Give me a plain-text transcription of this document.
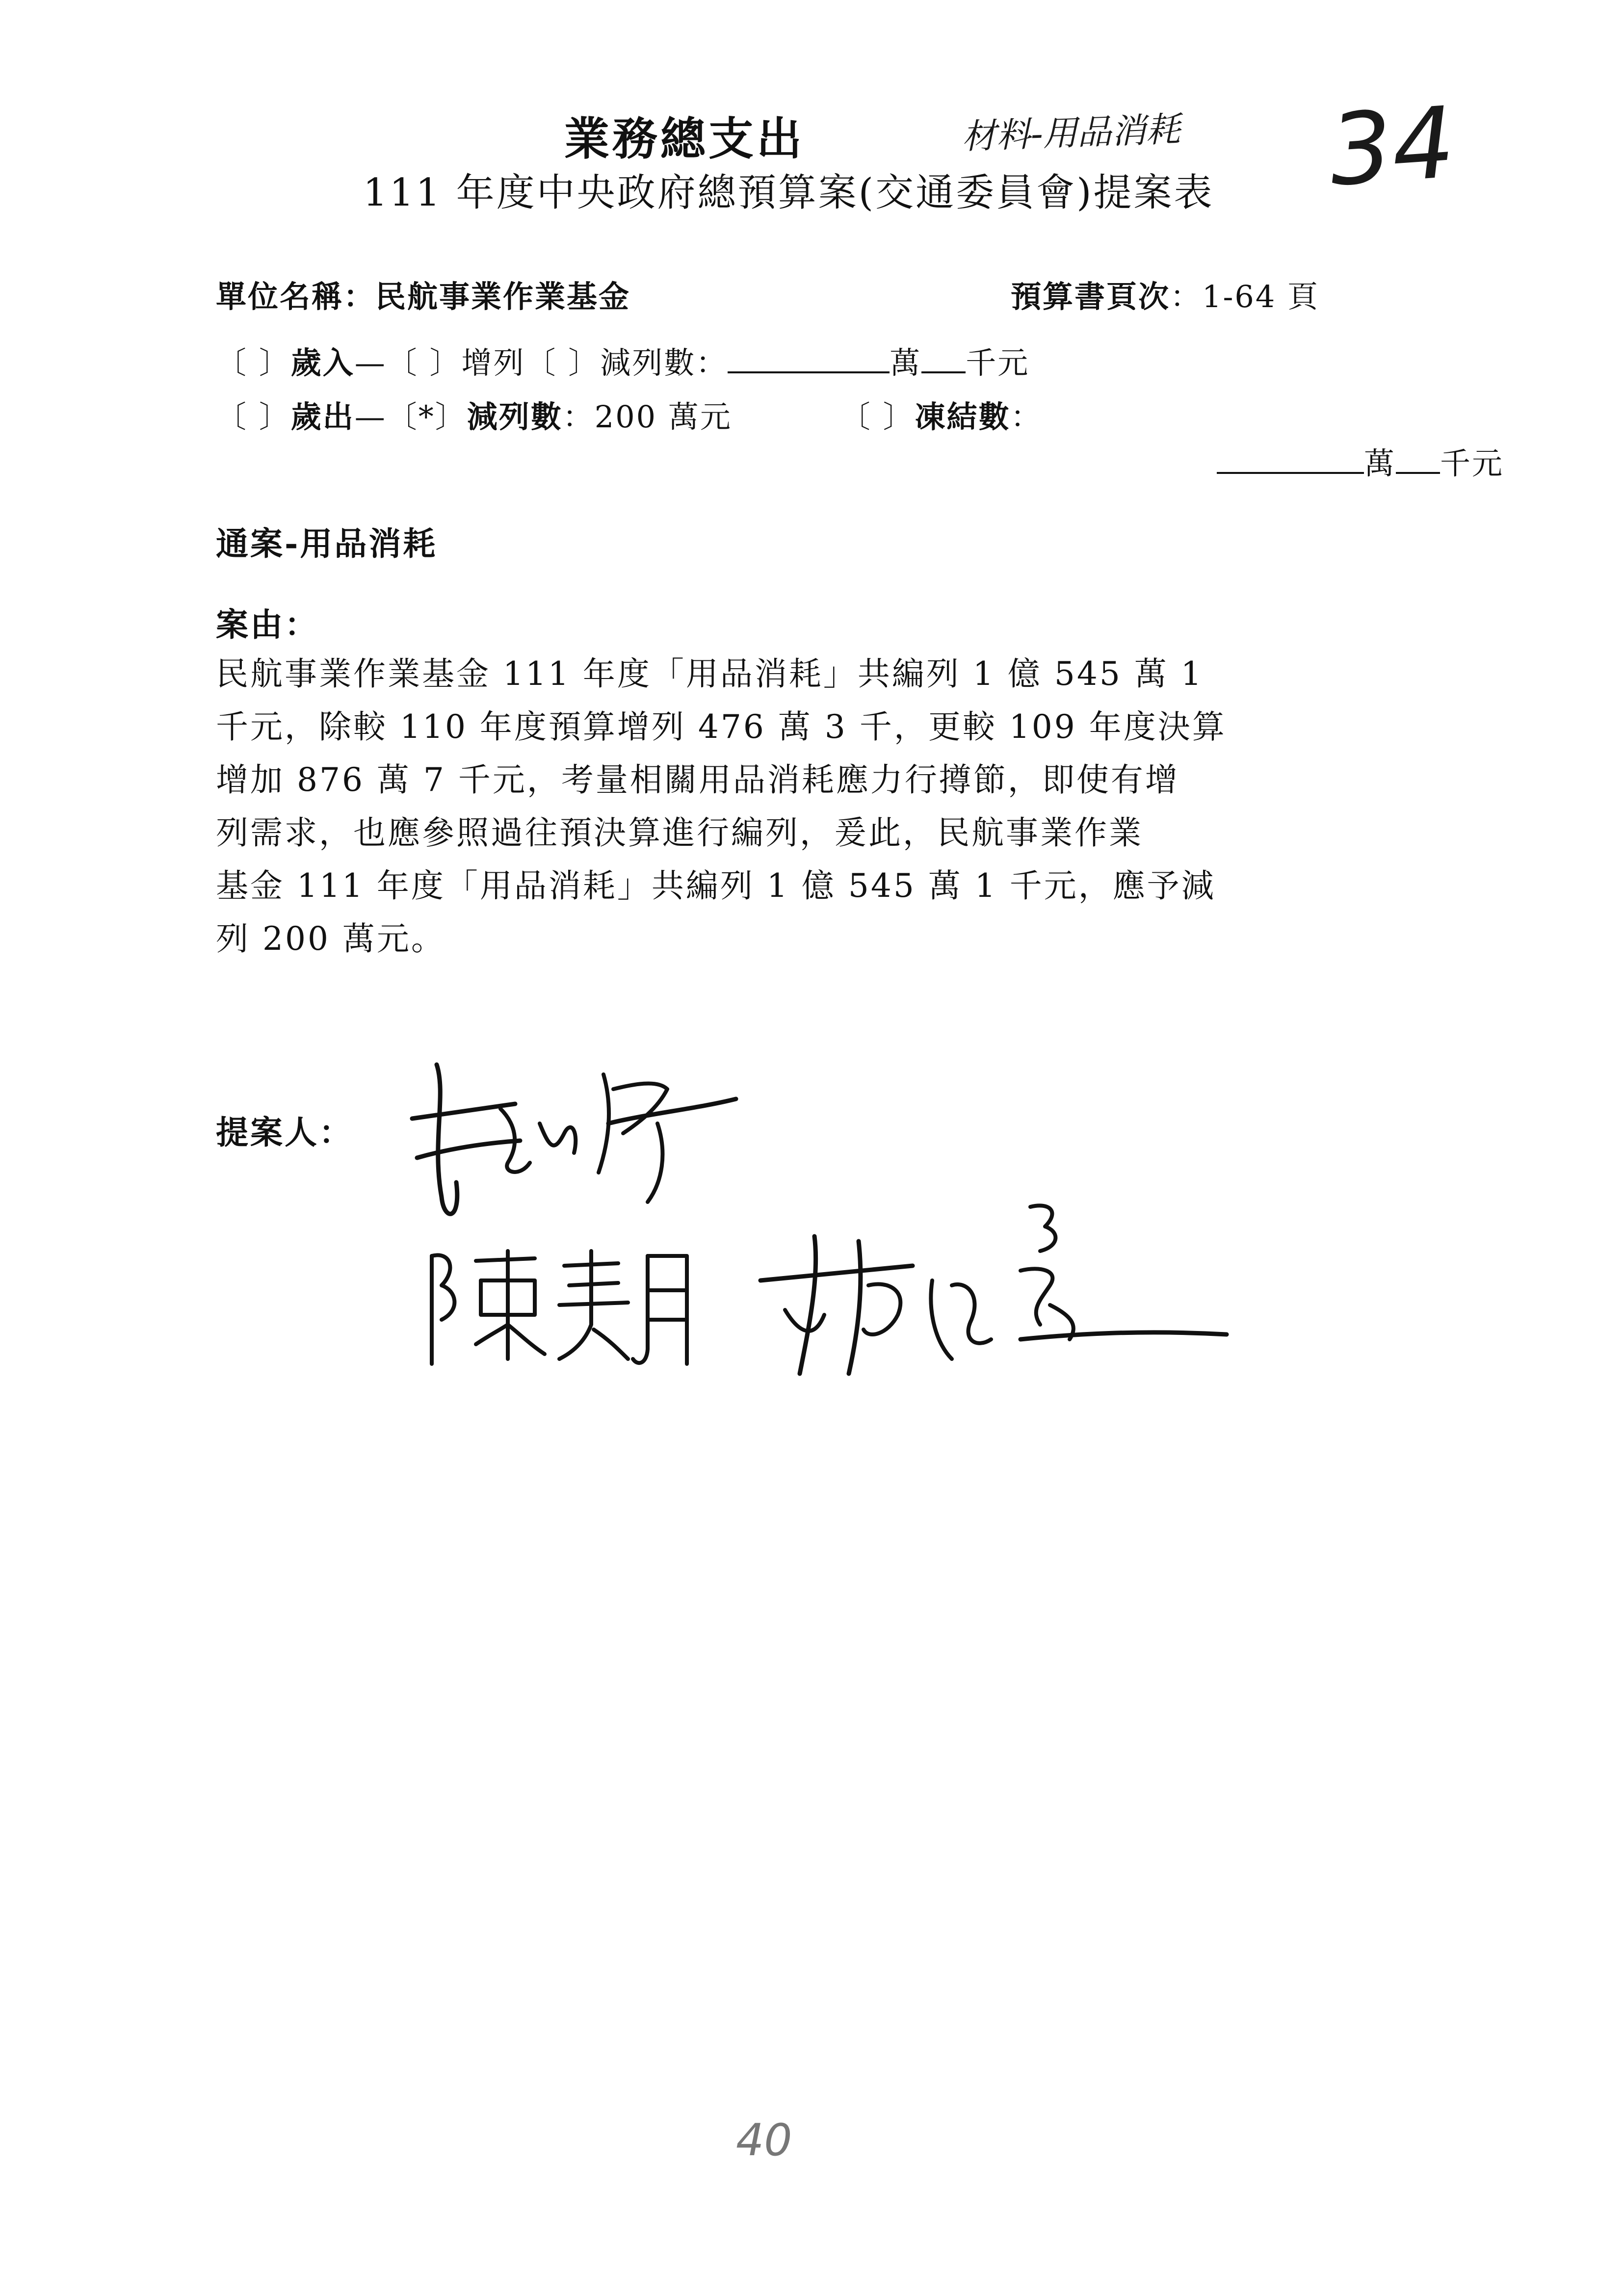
業務總支出	材料-用品消耗 34
111 年度中央政府總預算案(交通委員會)提案表
單位名稱：民航事業作業基金	預算書頁次：1-64 頁
〔 〕歲入—〔 〕增列〔 〕減列數：	萬 千元
〔 〕歲出—〔*〕減列數：200 萬元	〔 〕凍結數：
萬 千元
通案-用品消耗
案由：
民航事業作業基金 111 年度「用品消耗」共編列 1 億 545 萬 1
千元，除較 110 年度預算增列 476 萬 3 千，更較 109 年度決算
增加 876 萬 7 千元，考量相關用品消耗應力行撙節，即使有增
列需求，也應參照過往預決算進行編列，爰此，民航事業作業
基金 111 年度「用品消耗」共編列 1 億 545 萬 1 千元，應予減
列 200 萬元。
提案人：
40
